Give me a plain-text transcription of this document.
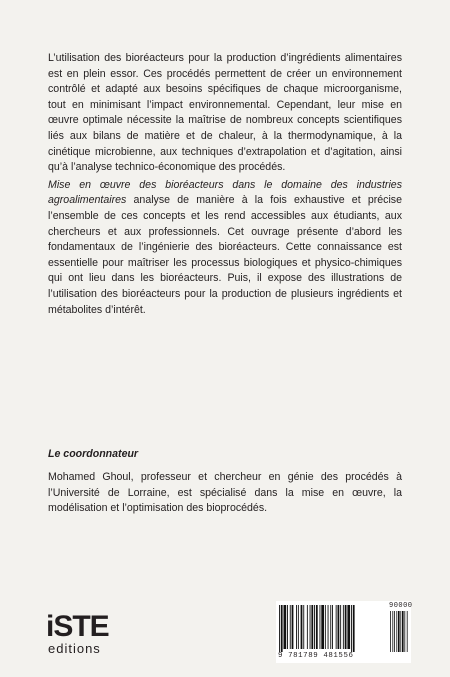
L’utilisation des bioréacteurs pour la production d’ingrédients alimentaires est en plein essor. Ces procédés permettent de créer un environnement contrôlé et adapté aux besoins spécifiques de chaque microorganisme, tout en minimisant l’impact environnemental. Cependant, leur mise en œuvre optimale nécessite la maîtrise de nombreux concepts scientifiques liés aux bilans de matière et de chaleur, à la thermodynamique, à la cinétique microbienne, aux techniques d’extrapolation et d’agitation, ainsi qu’à l’analyse technico-économique des procédés.

Mise en œuvre des bioréacteurs dans le domaine des industries agroalimentaires analyse de manière à la fois exhaustive et précise l’ensemble de ces concepts et les rend accessibles aux étudiants, aux chercheurs et aux professionnels. Cet ouvrage présente d’abord les fondamentaux de l’ingénierie des bioréacteurs. Cette connaissance est essentielle pour maîtriser les processus biologiques et physico-chimiques qui ont lieu dans les bioréacteurs. Puis, il expose des illustrations de l’utilisation des bioréacteurs pour la production de plusieurs ingrédients et métabolites d’intérêt.

Le coordonnateur

Mohamed Ghoul, professeur et chercheur en génie des procédés à l’Université de Lorraine, est spécialisé dans la mise en œuvre, la modélisation et l’optimisation des bioprocédés.

iSTE
editions
90000
9 781789 481556
